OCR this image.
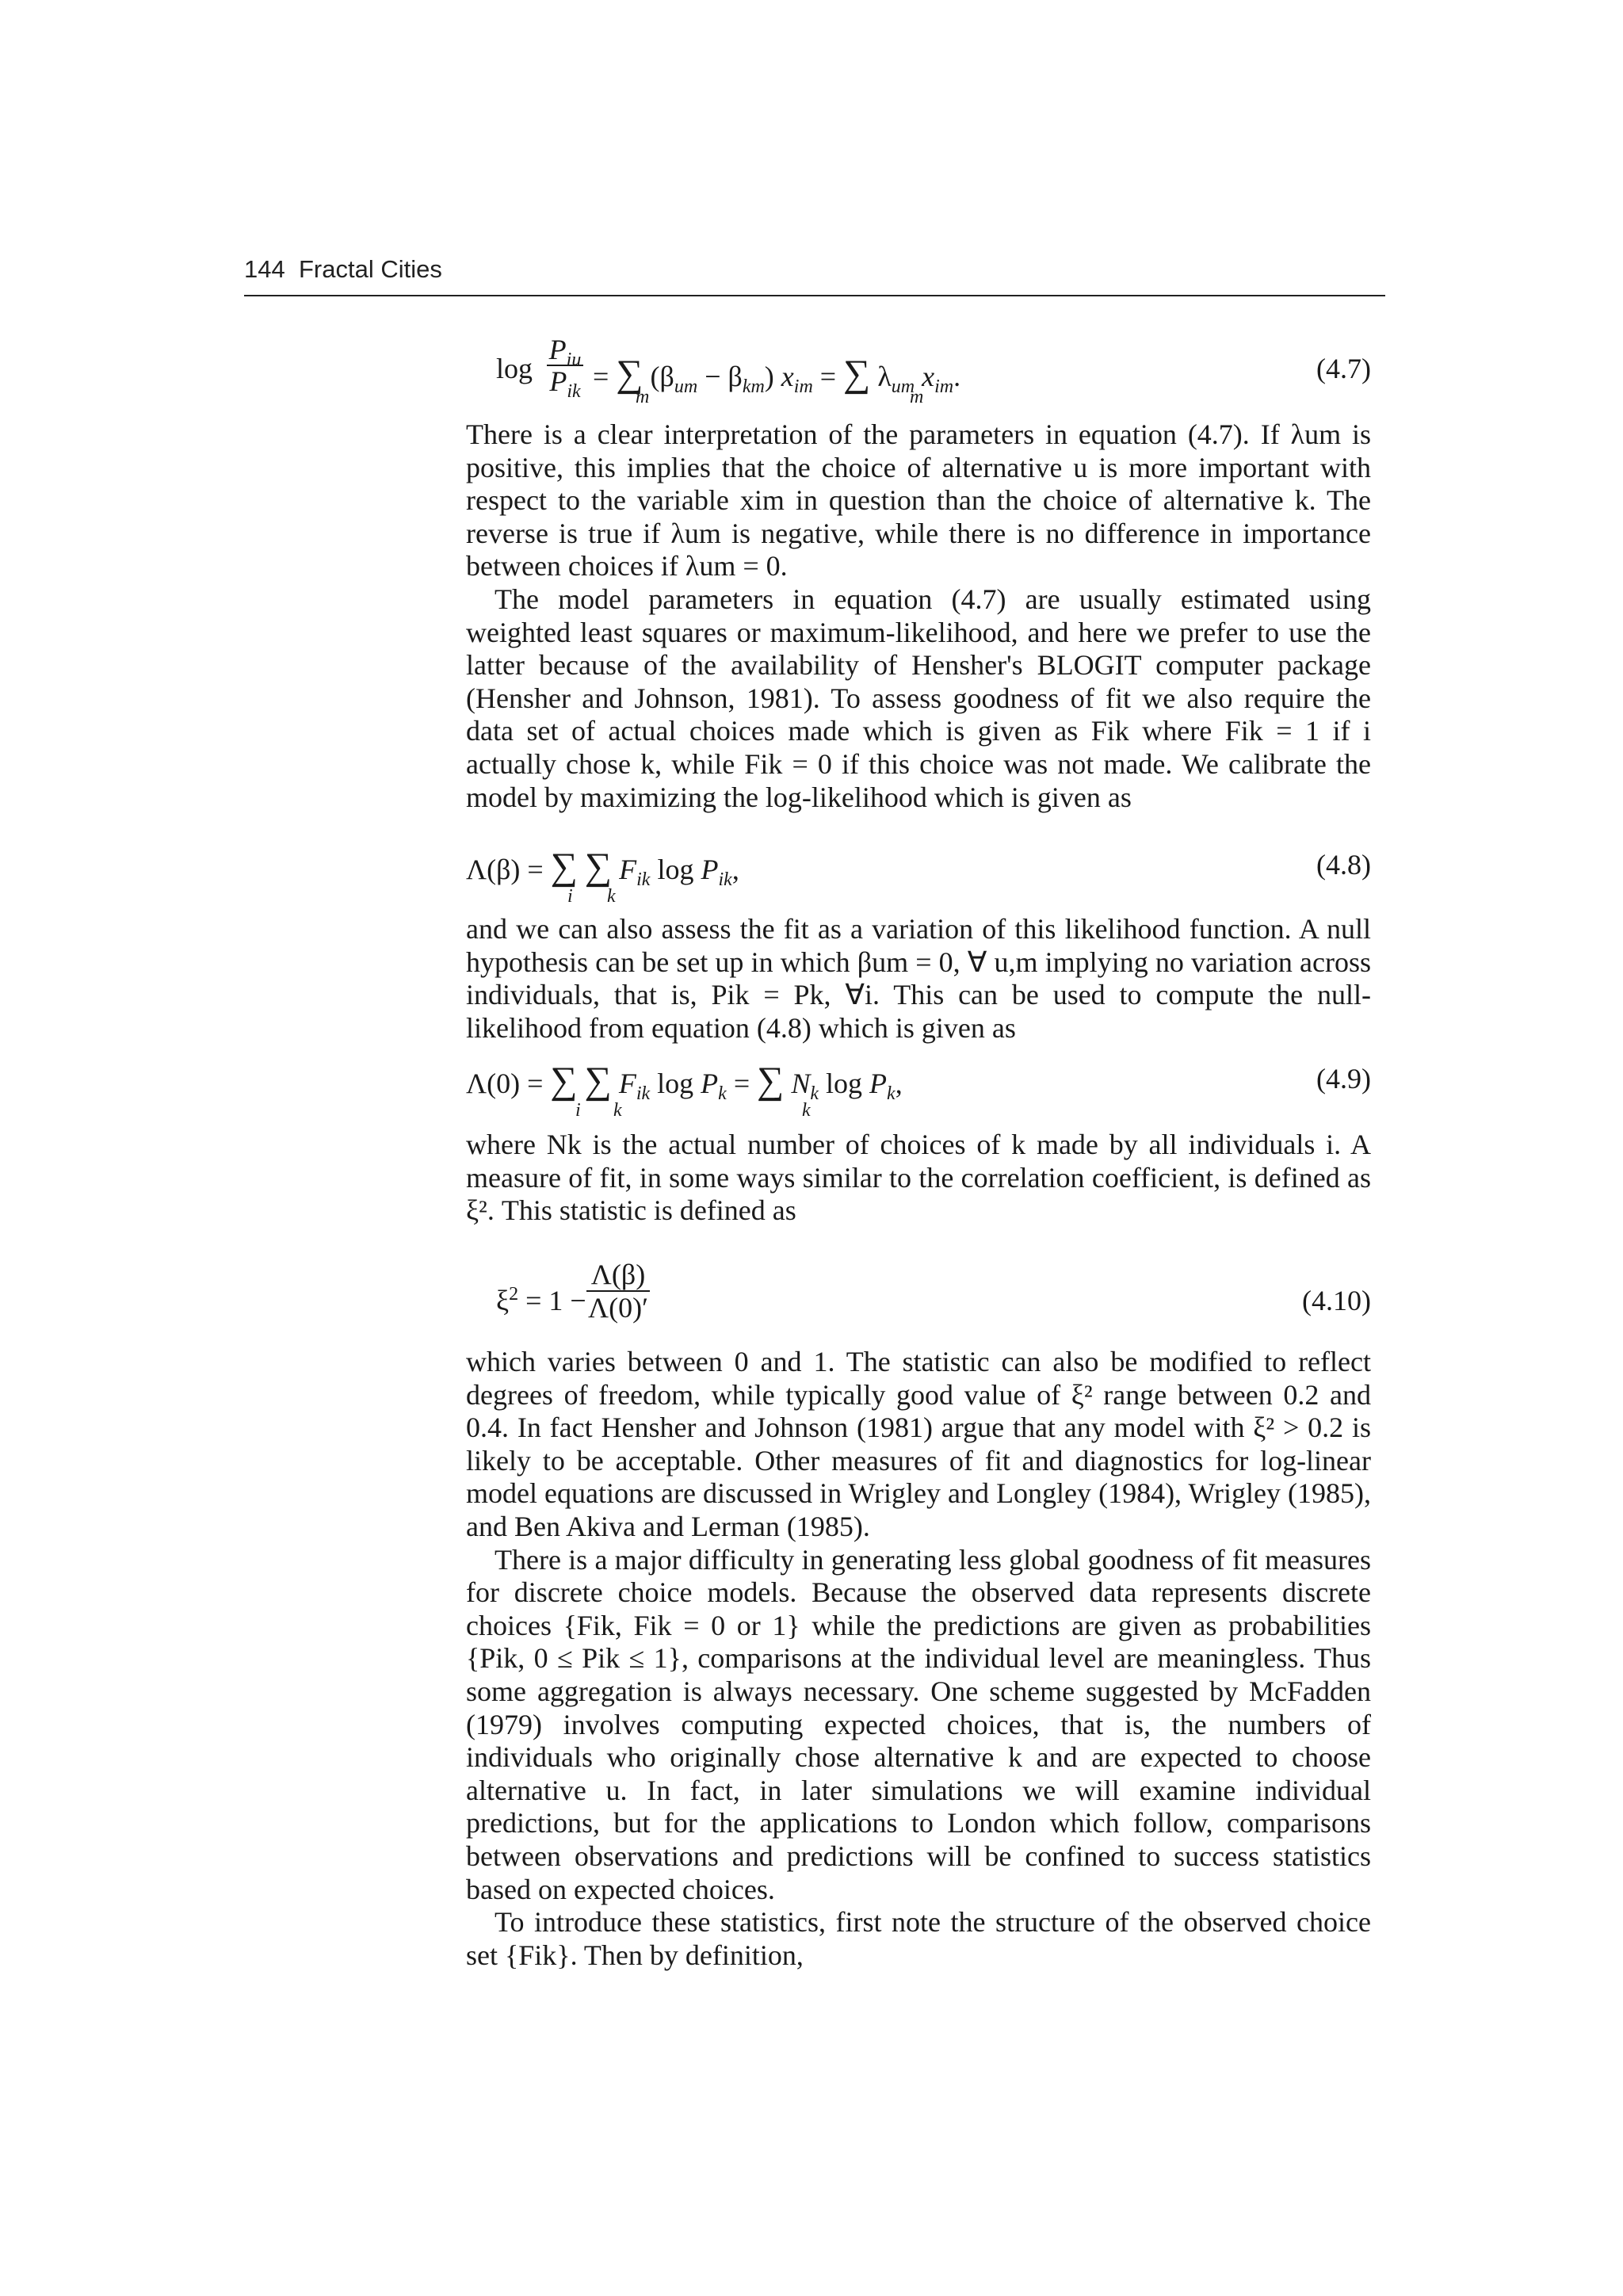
144 Fractal Cities
log
$P_{iu}$
$P_{ik}$ = ∑ $(\beta_{um} - \beta_{km}) x_{im}$ = ∑ $\lambda_{um}$ $x_{im}$.
m	m
(4.7)

There is a clear interpretation of the parameters in equation (4.7). If λum is positive, this implies that the choice of alternative u is more important with respect to the variable xim in question than the choice of alternative k. The reverse is true if λum is negative, while there is no difference in importance between choices if λum = 0.

The model parameters in equation (4.7) are usually estimated using weighted least squares or maximum-likelihood, and here we prefer to use the latter because of the availability of Hensher's BLOGIT computer package (Hensher and Johnson, 1981). To assess goodness of fit we also require the data set of actual choices made which is given as Fik where Fik = 1 if i actually chose k, while Fik = 0 if this choice was not made. We calibrate the model by maximizing the log-likelihood which is given as

Λ(β) = ∑ ∑ $F_{ik}$ $\log P_{ik}$,
i k
(4.8)

and we can also assess the fit as a variation of this likelihood function. A null hypothesis can be set up in which βum = 0, ∀ u,m implying no variation across individuals, that is, Pik = Pk, ∀i. This can be used to compute the null-likelihood from equation (4.8) which is given as

Λ(0) = ∑ ∑ $F_{ik}$ $\log P_k$ = ∑ $N_k$ $\log P_k$,
i k	k
(4.9)

where Nk is the actual number of choices of k made by all individuals i. A measure of fit, in some ways similar to the correlation coefficient, is defined as ξ². This statistic is defined as

$\xi^2 = 1 - \frac{\Lambda(\beta)}{\Lambda(0)'}$	(4.10)

which varies between 0 and 1. The statistic can also be modified to reflect degrees of freedom, while typically good value of ξ² range between 0.2 and 0.4. In fact Hensher and Johnson (1981) argue that any model with ξ² > 0.2 is likely to be acceptable. Other measures of fit and diagnostics for log-linear model equations are discussed in Wrigley and Longley (1984), Wrigley (1985), and Ben Akiva and Lerman (1985).

There is a major difficulty in generating less global goodness of fit measures for discrete choice models. Because the observed data represents discrete choices {Fik, Fik = 0 or 1} while the predictions are given as probabilities {Pik, 0 ≤ Pik ≤ 1}, comparisons at the individual level are meaningless. Thus some aggregation is always necessary. One scheme suggested by McFadden (1979) involves computing expected choices, that is, the numbers of individuals who originally chose alternative k and are expected to choose alternative u. In fact, in later simulations we will examine individual predictions, but for the applications to London which follow, comparisons between observations and predictions will be confined to success statistics based on expected choices.

To introduce these statistics, first note the structure of the observed choice set {Fik}. Then by definition,
